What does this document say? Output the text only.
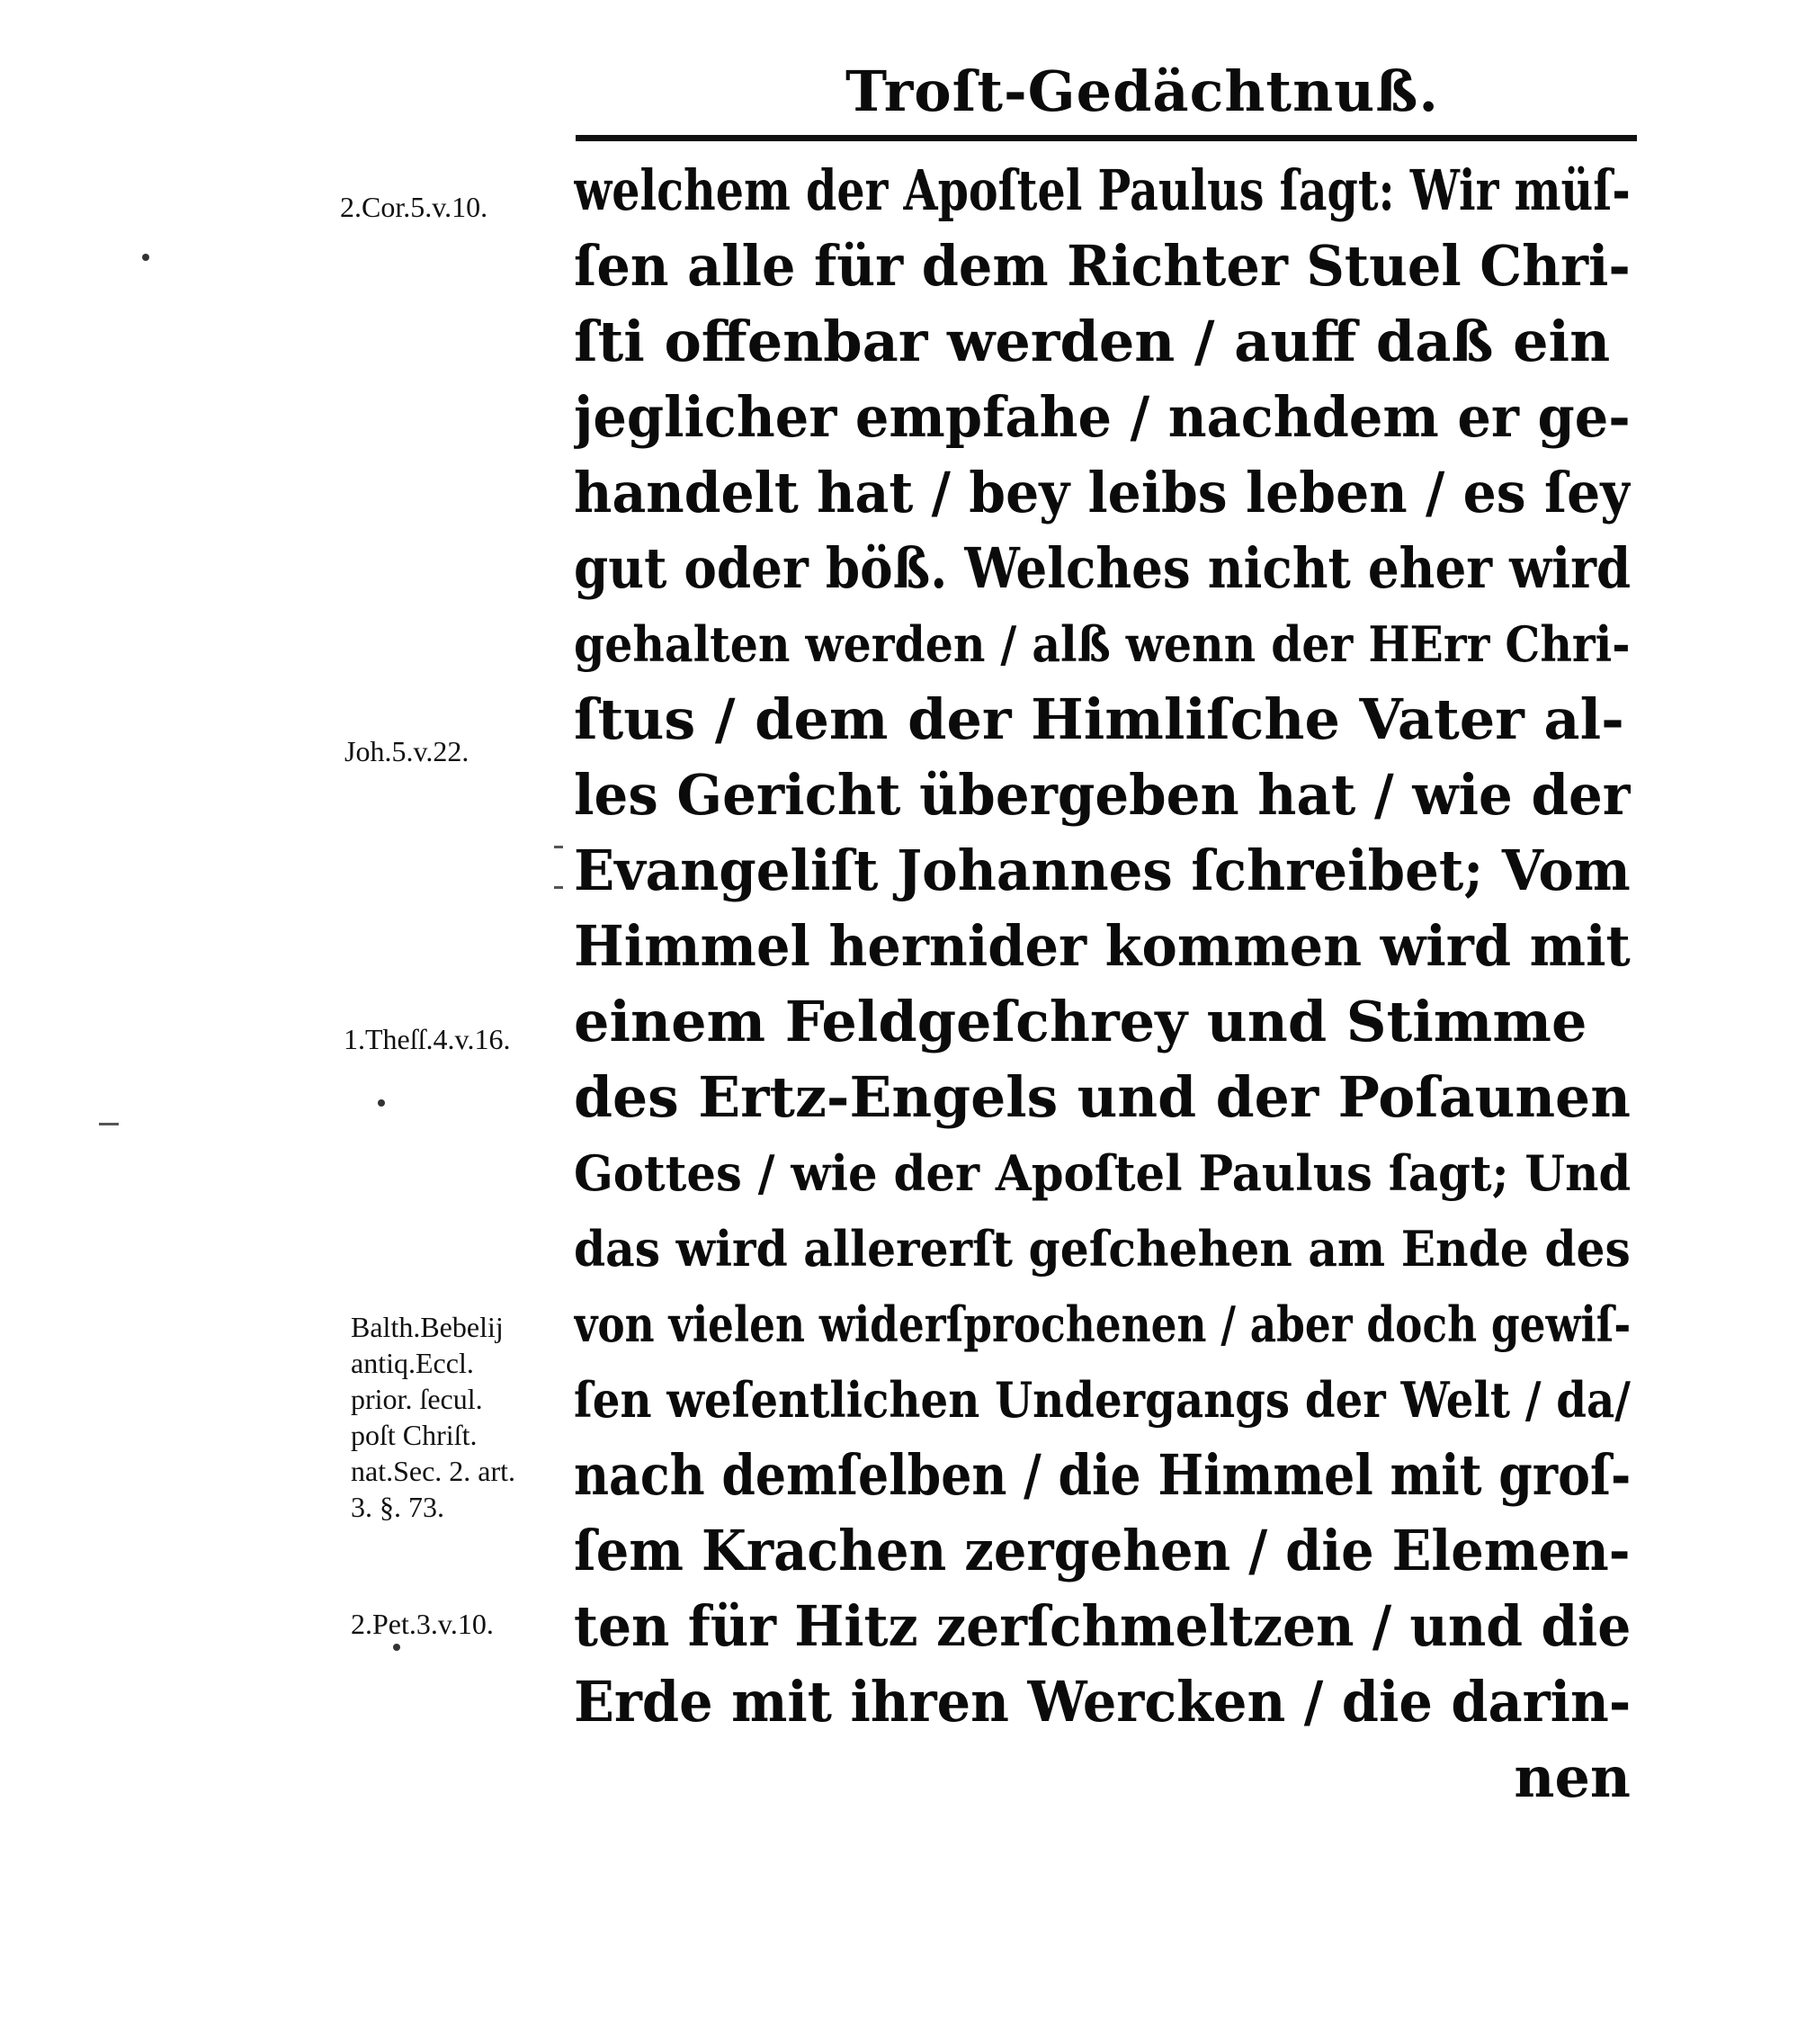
Troſt-Gedächtnuß.
welchem der Apoſtel Paulus ſagt: Wir müſ-
ſen alle für dem Richter Stuel Chri-
ſti offenbar werden / auff daß ein
jeglicher empfahe / nachdem er ge-
handelt hat / bey leibs leben / es ſey
gut oder böß. Welches nicht eher wird
gehalten werden / alß wenn der HErr Chri-
ſtus / dem der Himliſche Vater al-
les Gericht übergeben hat / wie der
Evangeliſt Johannes ſchreibet; Vom
Himmel hernider kommen wird mit
einem Feldgeſchrey und Stimme
des Ertz-Engels und der Poſaunen
Gottes / wie der Apoſtel Paulus ſagt; Und
das wird allererſt geſchehen am Ende des
von vielen widerſprochenen / aber doch gewiſ-
ſen weſentlichen Undergangs der Welt / da/
nach demſelben / die Himmel mit groſ-
ſem Krachen zergehen / die Elemen-
ten für Hitz zerſchmeltzen / und die
Erde mit ihren Wercken / die darin-
nen
2.Cor.5.v.10.
Joh.5.v.22.
1.Theſſ.4.v.16.
Balth.Bebelij
antiq.Eccl.
prior. ſecul.
poſt Chriſt.
nat.Sec. 2. art.
3. §. 73.
2.Pet.3.v.10.
